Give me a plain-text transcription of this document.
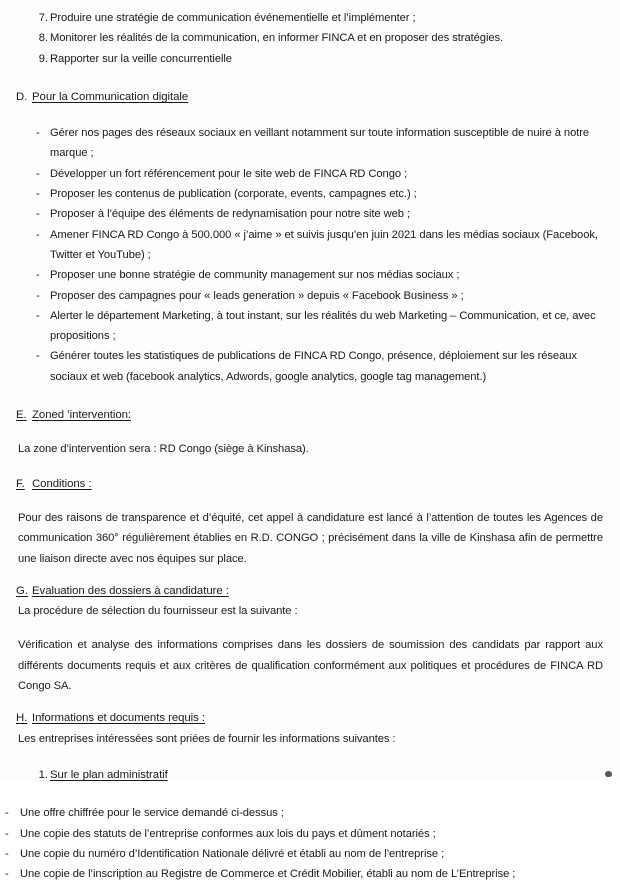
7. Produire une stratégie de communication événementielle et l’implémenter ;
8. Monitorer les réalités de la communication, en informer FINCA et en proposer des stratégies.
9. Rapporter sur la veille concurrentielle
D. Pour la Communication digitale
- Gérer nos pages des réseaux sociaux en veillant notamment sur toute information susceptible de nuire à notre marque ;
- Développer un fort référencement pour le site web de FINCA RD Congo ;
- Proposer les contenus de publication (corporate, events, campagnes etc.) ;
- Proposer à l’équipe des éléments de redynamisation pour notre site web ;
- Amener FINCA RD Congo à 500.000 « j’aime » et suivis jusqu’en juin 2021 dans les médias sociaux (Facebook, Twitter et YouTube) ;
- Proposer une bonne stratégie de community management sur nos médias sociaux ;
- Proposer des campagnes pour « leads generation » depuis « Facebook Business » ;
- Alerter le département Marketing, à tout instant, sur les réalités du web Marketing – Communication, et ce, avec propositions ;
- Générer toutes les statistiques de publications de FINCA RD Congo, présence, déploiement sur les réseaux sociaux et web (facebook analytics, Adwords, google analytics, google tag management.)
E. Zoned ’intervention:

La zone d’intervention sera : RD Congo (siège à Kinshasa).

F. Conditions :

Pour des raisons de transparence et d’équité, cet appel à candidature est lancé à l’attention de toutes les Agences de communication 360° régulièrement établies en R.D. CONGO ; précisément dans la ville de Kinshasa afin de permettre une liaison directe avec nos équipes sur place.

G. Evaluation des dossiers à candidature :

La procédure de sélection du fournisseur est la suivante :

Vérification et analyse des informations comprises dans les dossiers de soumission des candidats par rapport aux différents documents requis et aux critères de qualification conformément aux politiques et procédures de FINCA RD Congo SA.

H. Informations et documents requis :

Les entreprises intéressées sont priées de fournir les informations suivantes :

1. Sur le plan administratif
- Une offre chiffrée pour le service demandé ci-dessus ;
- Une copie des statuts de l’entreprise conformes aux lois du pays et dûment notariés ;
- Une copie du numéro d’Identification Nationale délivré et établi au nom de l’entreprise ;
- Une copie de l’inscription au Registre de Commerce et Crédit Mobilier, établi au nom de L’Entreprise ;
